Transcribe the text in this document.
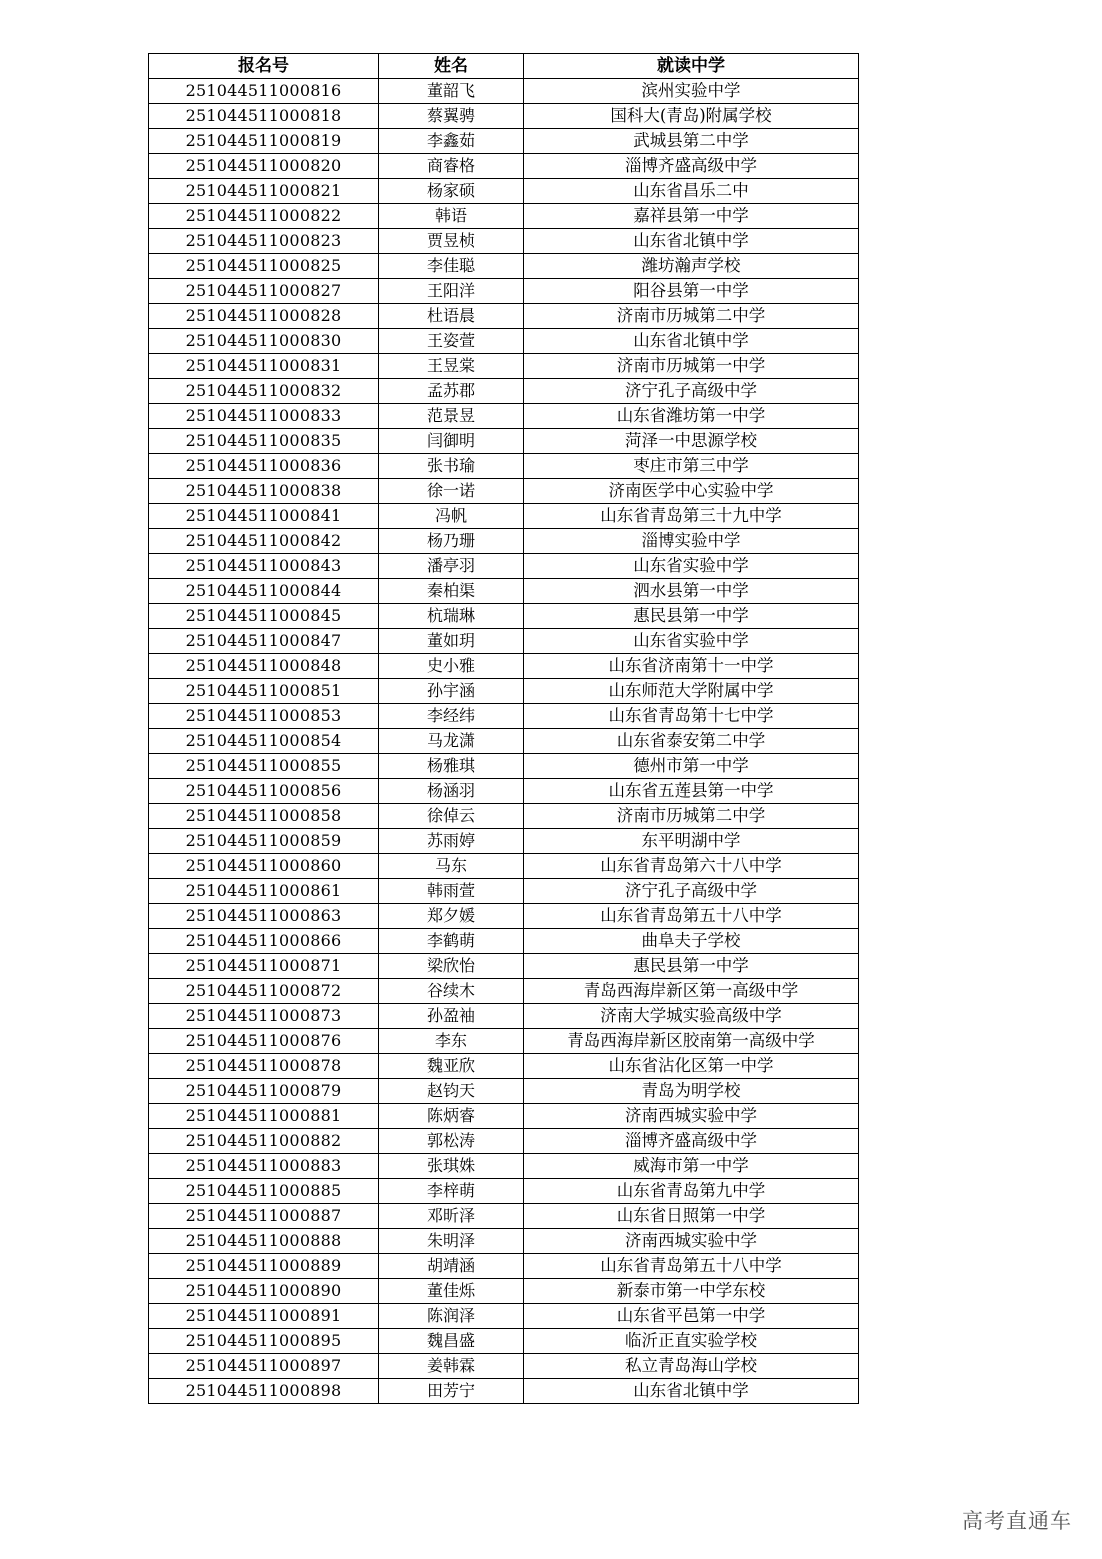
报名号	姓名	就读中学
251044511000816	董韶飞	滨州实验中学
251044511000818	蔡翼骋	国科大(青岛)附属学校
251044511000819	李鑫茹	武城县第二中学
251044511000820	商睿格	淄博齐盛高级中学
251044511000821	杨家硕	山东省昌乐二中
251044511000822	韩语	嘉祥县第一中学
251044511000823	贾昱桢	山东省北镇中学
251044511000825	李佳聪	潍坊瀚声学校
251044511000827	王阳洋	阳谷县第一中学
251044511000828	杜语晨	济南市历城第二中学
251044511000830	王姿萱	山东省北镇中学
251044511000831	王昱棠	济南市历城第一中学
251044511000832	孟苏郡	济宁孔子高级中学
251044511000833	范景昱	山东省潍坊第一中学
251044511000835	闫御明	菏泽一中思源学校
251044511000836	张书瑜	枣庄市第三中学
251044511000838	徐一诺	济南医学中心实验中学
251044511000841	冯帆	山东省青岛第三十九中学
251044511000842	杨乃珊	淄博实验中学
251044511000843	潘亭羽	山东省实验中学
251044511000844	秦柏渠	泗水县第一中学
251044511000845	杭瑞琳	惠民县第一中学
251044511000847	董如玥	山东省实验中学
251044511000848	史小雅	山东省济南第十一中学
251044511000851	孙宇涵	山东师范大学附属中学
251044511000853	李经纬	山东省青岛第十七中学
251044511000854	马龙潇	山东省泰安第二中学
251044511000855	杨雅琪	德州市第一中学
251044511000856	杨涵羽	山东省五莲县第一中学
251044511000858	徐倬云	济南市历城第二中学
251044511000859	苏雨婷	东平明湖中学
251044511000860	马东	山东省青岛第六十八中学
251044511000861	韩雨萱	济宁孔子高级中学
251044511000863	郑夕媛	山东省青岛第五十八中学
251044511000866	李鹤萌	曲阜夫子学校
251044511000871	梁欣怡	惠民县第一中学
251044511000872	谷续木	青岛西海岸新区第一高级中学
251044511000873	孙盈袖	济南大学城实验高级中学
251044511000876	李东	青岛西海岸新区胶南第一高级中学
251044511000878	魏亚欣	山东省沾化区第一中学
251044511000879	赵钧天	青岛为明学校
251044511000881	陈炳睿	济南西城实验中学
251044511000882	郭松涛	淄博齐盛高级中学
251044511000883	张琪姝	威海市第一中学
251044511000885	李梓萌	山东省青岛第九中学
251044511000887	邓昕泽	山东省日照第一中学
251044511000888	朱明泽	济南西城实验中学
251044511000889	胡靖涵	山东省青岛第五十八中学
251044511000890	董佳烁	新泰市第一中学东校
251044511000891	陈润泽	山东省平邑第一中学
251044511000895	魏昌盛	临沂正直实验学校
251044511000897	姜韩霖	私立青岛海山学校
251044511000898	田芳宁	山东省北镇中学
高考直通车
